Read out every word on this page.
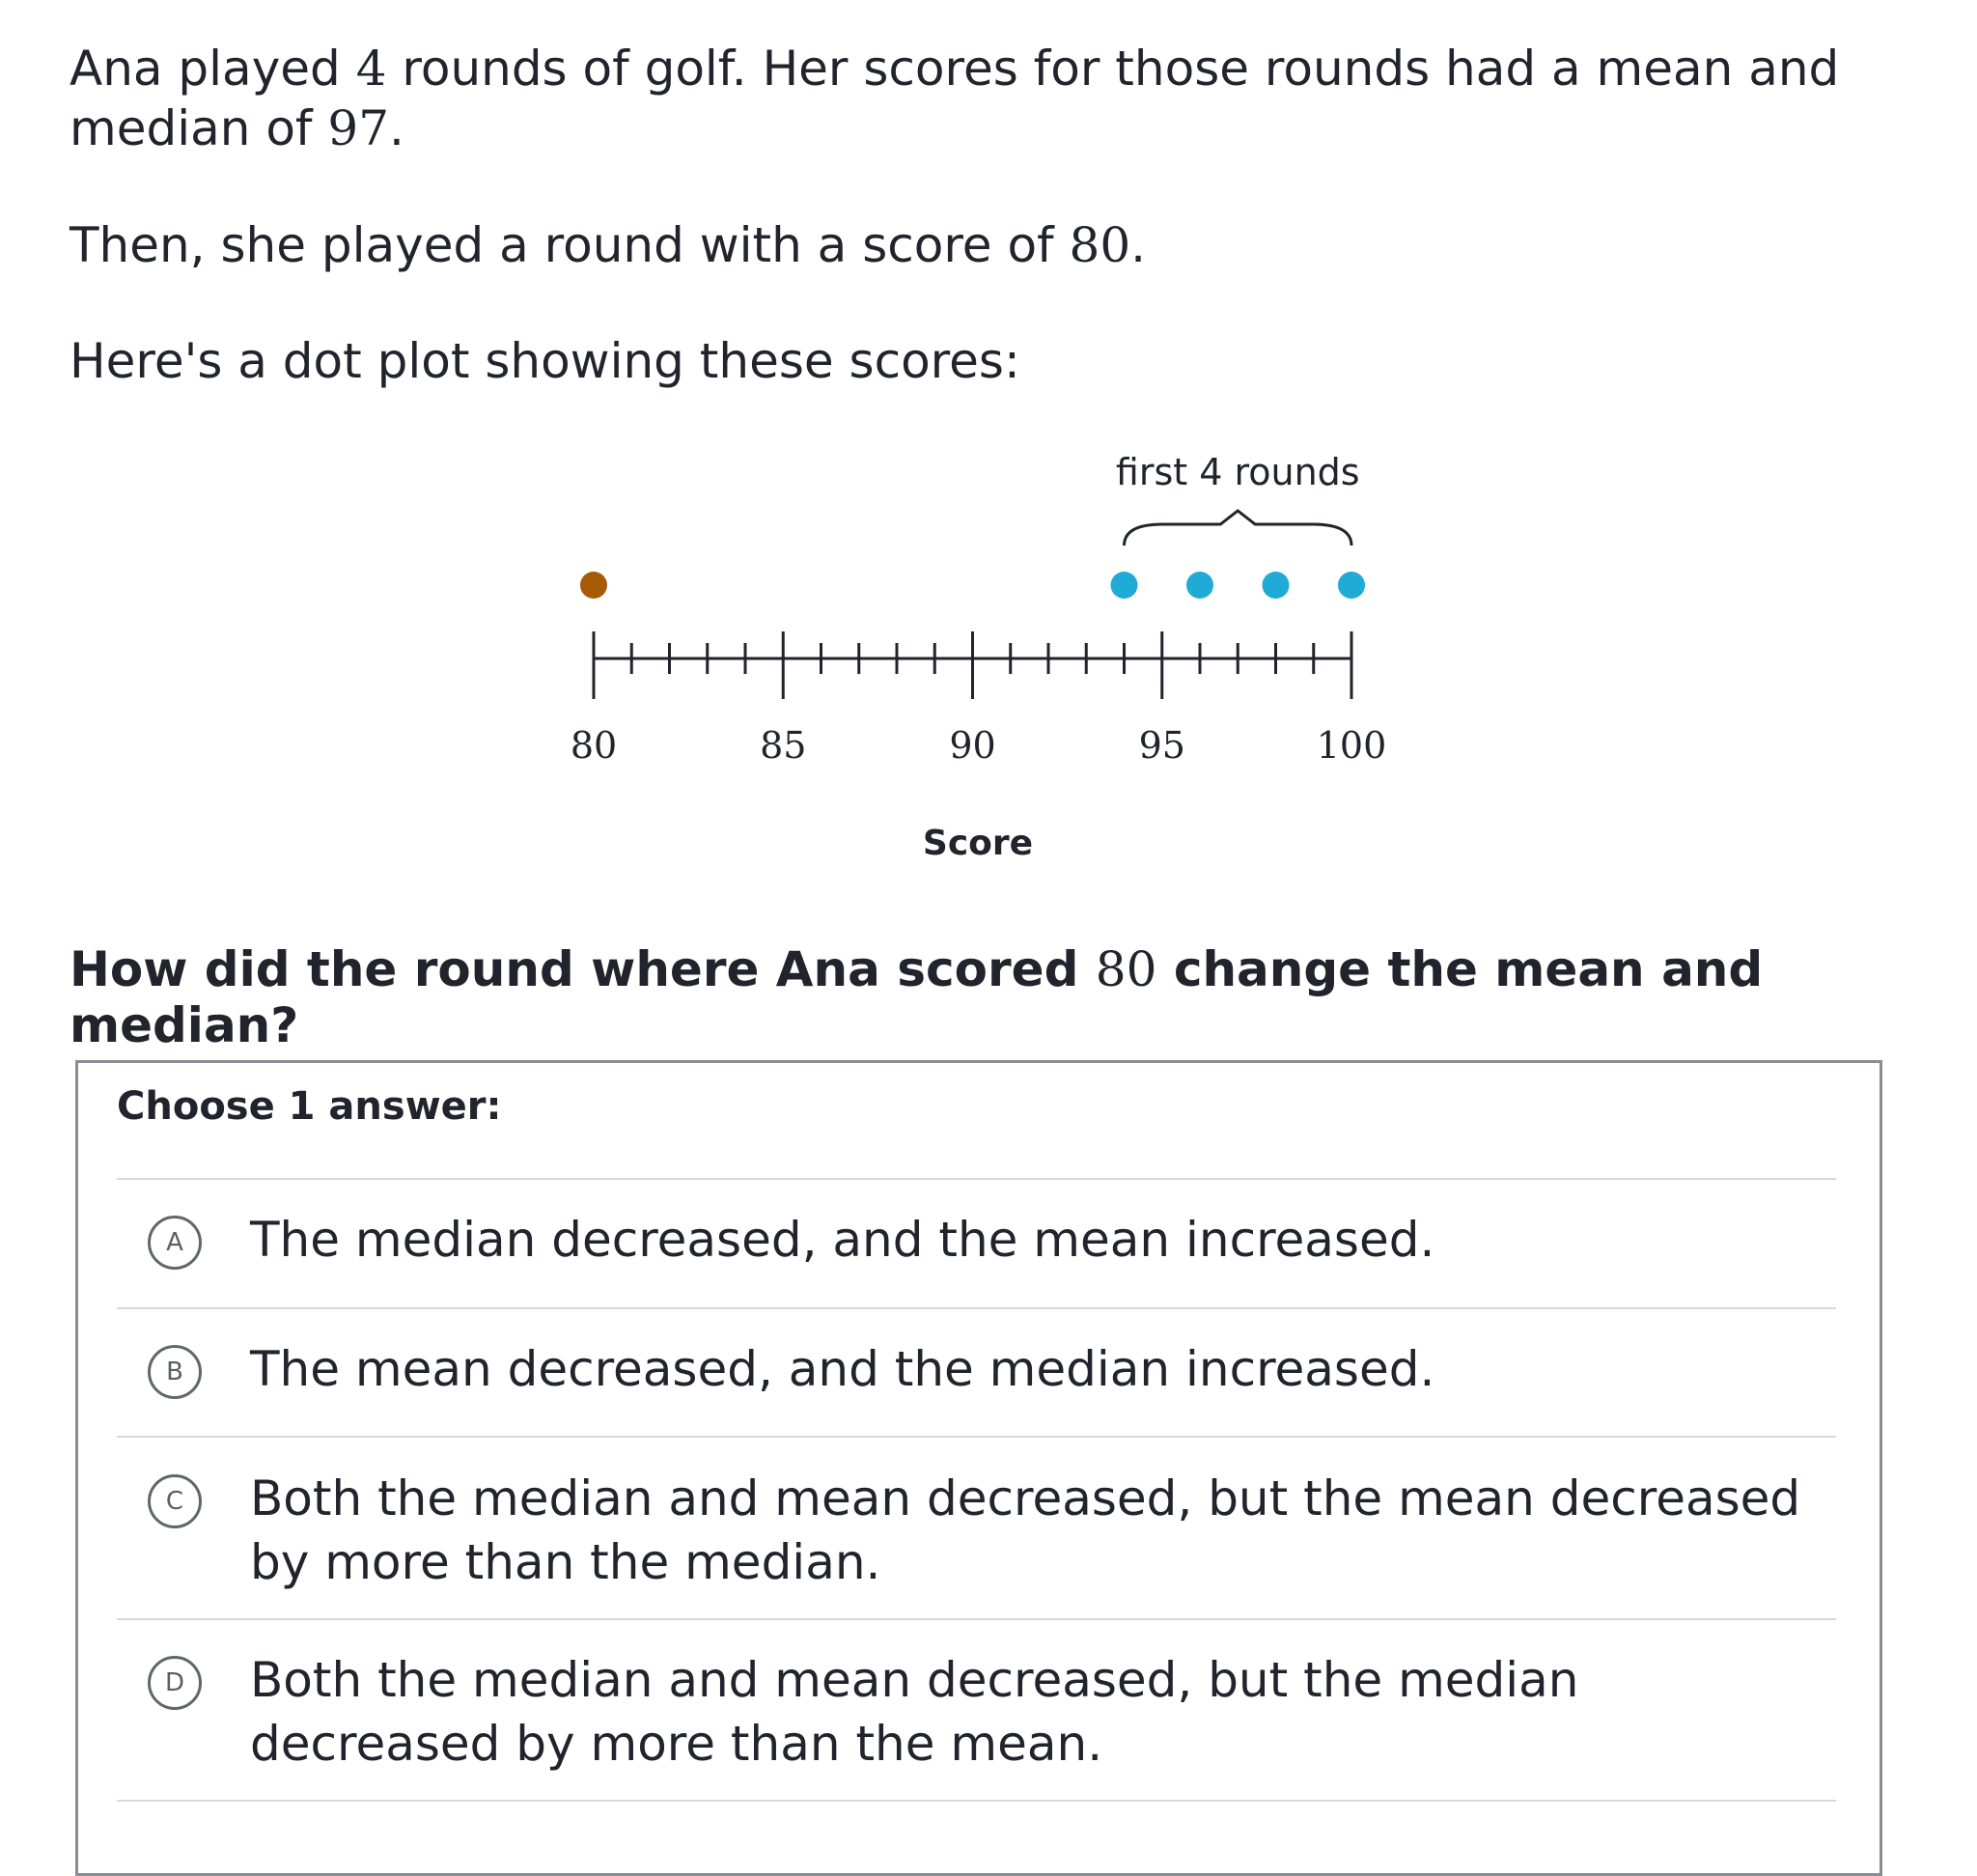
Ana played 4 rounds of golf. Her scores for those rounds had a mean and median of 97.

Then, she played a round with a score of 80.

Here's a dot plot showing these scores:

80	85	90	95	100
first 4 rounds
Score

How did the round where Ana scored 80 change the mean and median?

Choose 1 answer:

A	The median decreased, and the mean increased.
B	The mean decreased, and the median increased.
C	Both the median and mean decreased, but the mean decreased by more than the median.
D	Both the median and mean decreased, but the median decreased by more than the mean.
